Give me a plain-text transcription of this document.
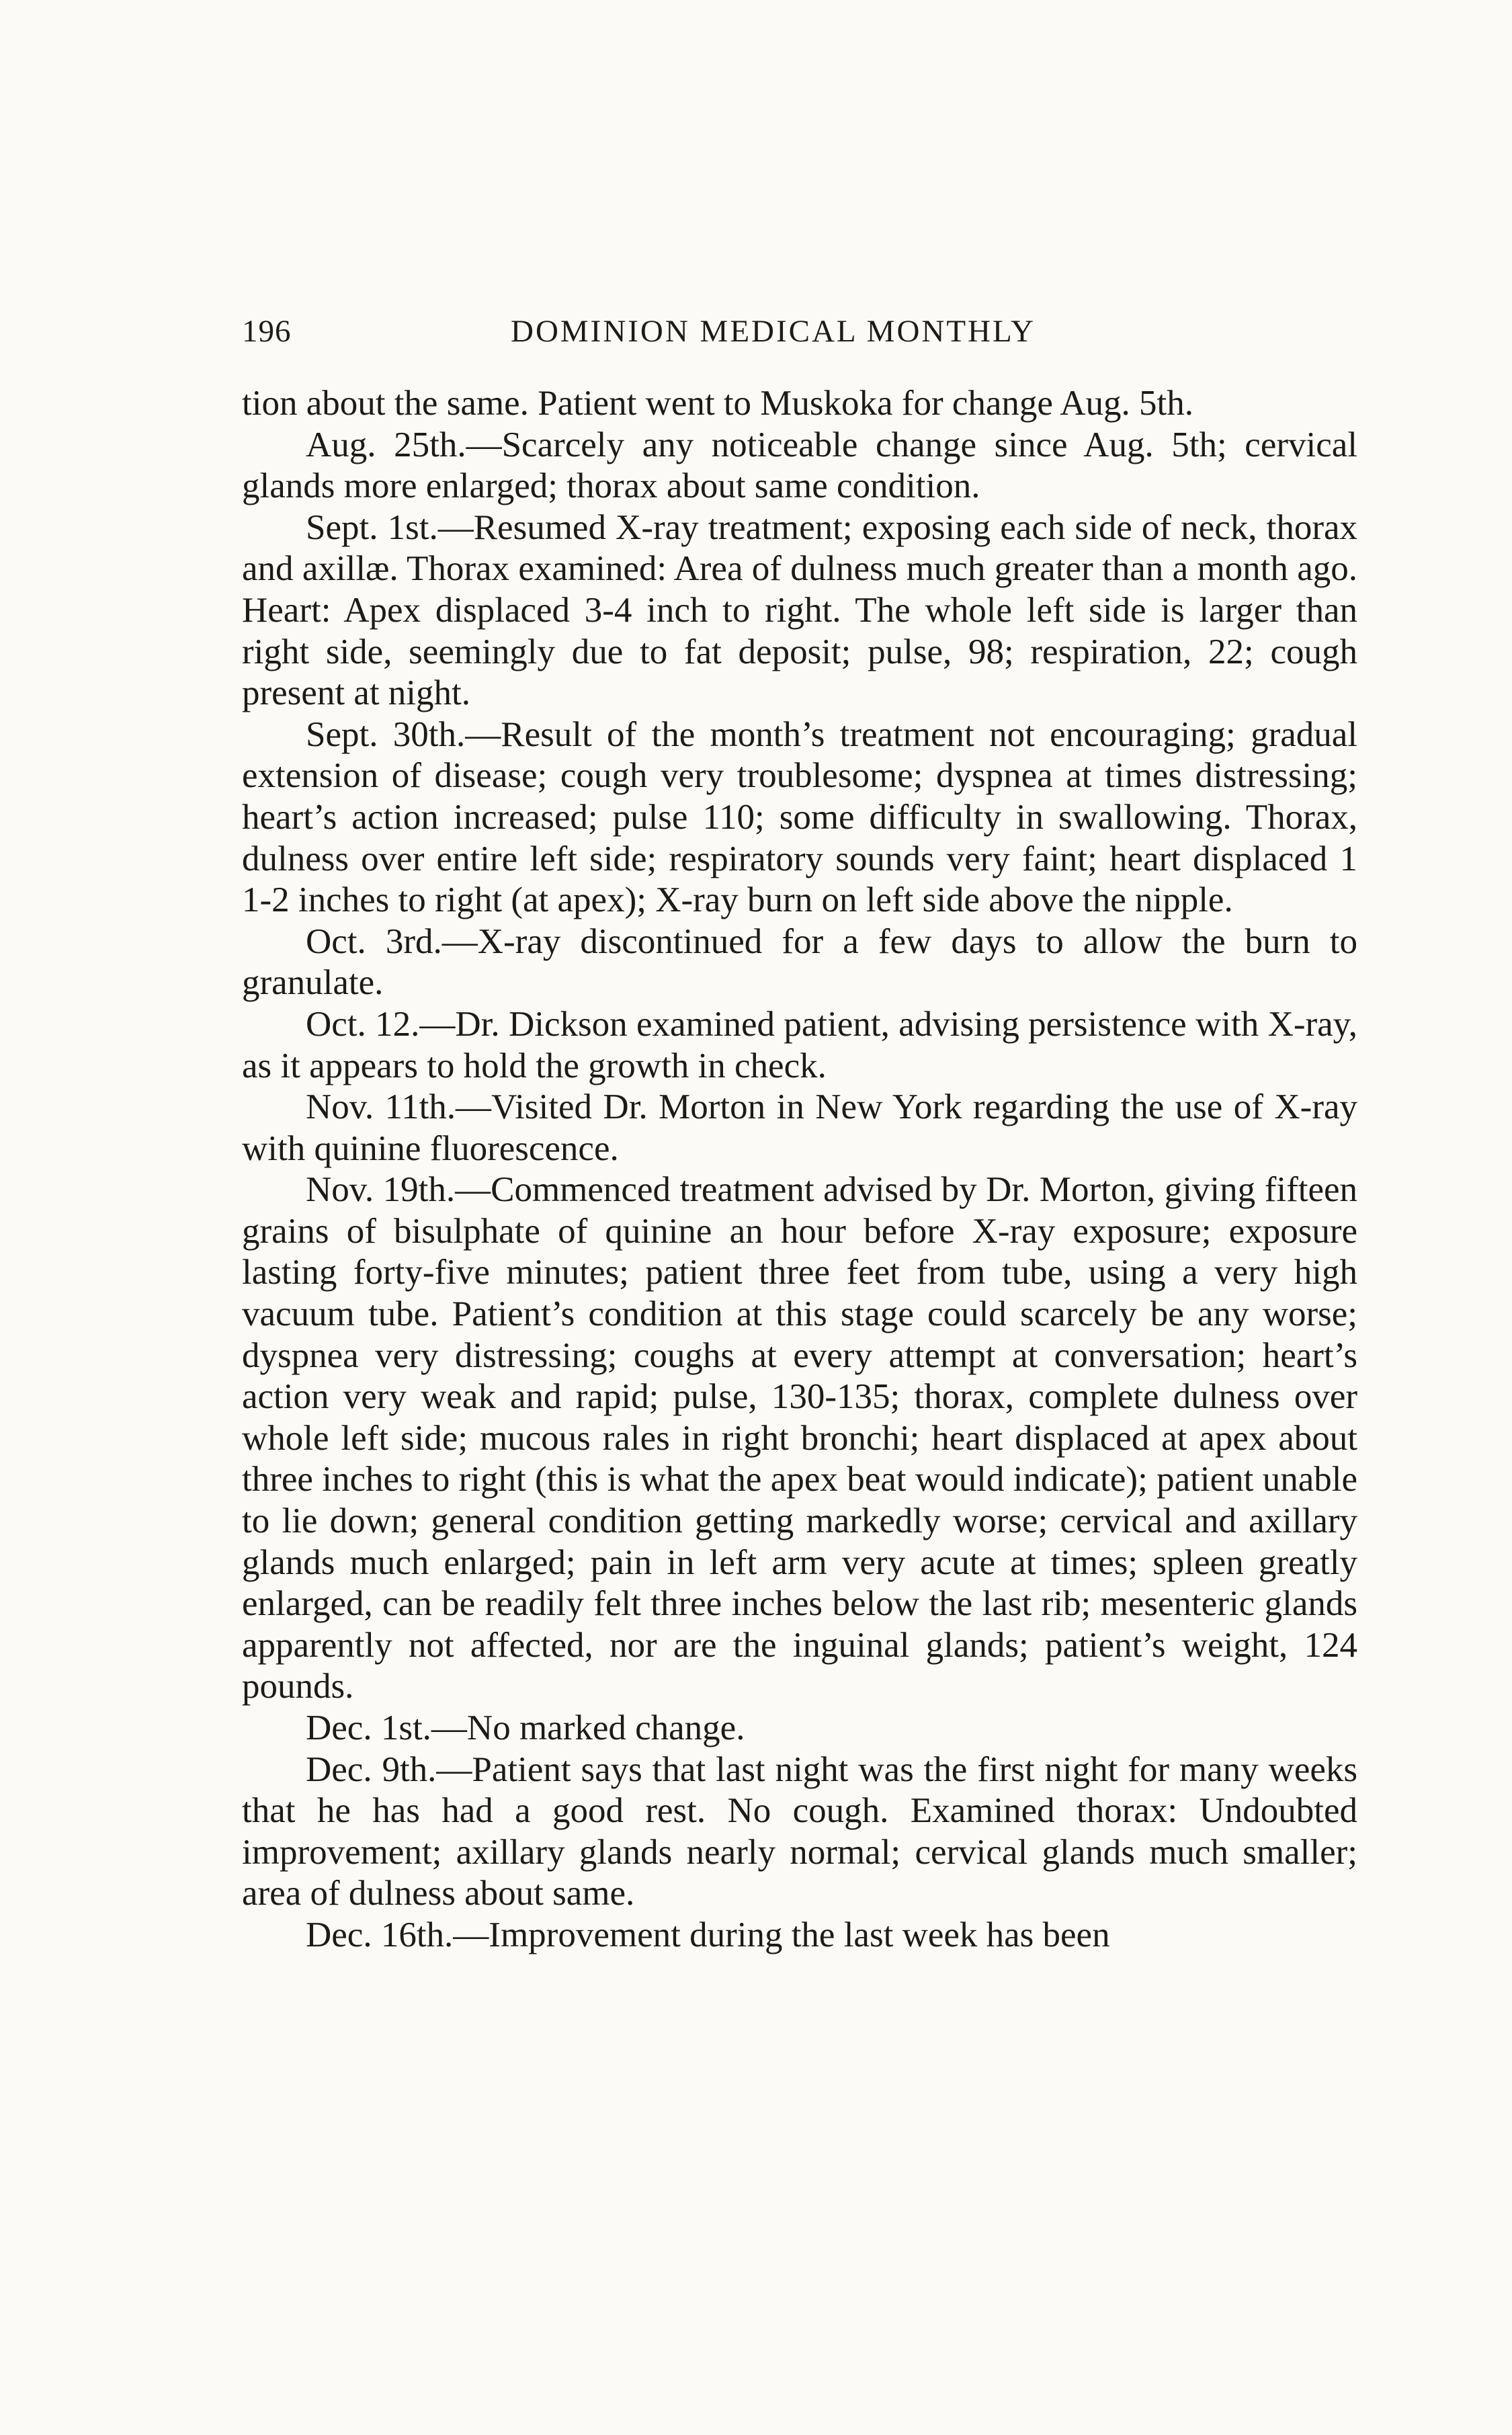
196	DOMINION MEDICAL MONTHLY

tion about the same. Patient went to Muskoka for change Aug. 5th.

Aug. 25th.—Scarcely any noticeable change since Aug. 5th; cervical glands more enlarged; thorax about same condition.

Sept. 1st.—Resumed X-ray treatment; exposing each side of neck, thorax and axillæ. Thorax examined: Area of dulness much greater than a month ago. Heart: Apex displaced 3-4 inch to right. The whole left side is larger than right side, seemingly due to fat deposit; pulse, 98; respiration, 22; cough present at night.

Sept. 30th.—Result of the month’s treatment not encouraging; gradual extension of disease; cough very troublesome; dyspnea at times distressing; heart’s action increased; pulse 110; some difficulty in swallowing. Thorax, dulness over entire left side; respiratory sounds very faint; heart displaced 1 1-2 inches to right (at apex); X-ray burn on left side above the nipple.

Oct. 3rd.—X-ray discontinued for a few days to allow the burn to granulate.

Oct. 12.—Dr. Dickson examined patient, advising persistence with X-ray, as it appears to hold the growth in check.

Nov. 11th.—Visited Dr. Morton in New York regarding the use of X-ray with quinine fluorescence.

Nov. 19th.—Commenced treatment advised by Dr. Morton, giving fifteen grains of bisulphate of quinine an hour before X-ray exposure; exposure lasting forty-five minutes; patient three feet from tube, using a very high vacuum tube. Patient’s condition at this stage could scarcely be any worse; dyspnea very distressing; coughs at every attempt at conversation; heart’s action very weak and rapid; pulse, 130-135; thorax, complete dulness over whole left side; mucous rales in right bronchi; heart displaced at apex about three inches to right (this is what the apex beat would indicate); patient unable to lie down; general condition getting markedly worse; cervical and axillary glands much enlarged; pain in left arm very acute at times; spleen greatly enlarged, can be readily felt three inches below the last rib; mesenteric glands apparently not affected, nor are the inguinal glands; patient’s weight, 124 pounds.

Dec. 1st.—No marked change.

Dec. 9th.—Patient says that last night was the first night for many weeks that he has had a good rest. No cough. Examined thorax: Undoubted improvement; axillary glands nearly normal; cervical glands much smaller; area of dulness about same.

Dec. 16th.—Improvement during the last week has been
